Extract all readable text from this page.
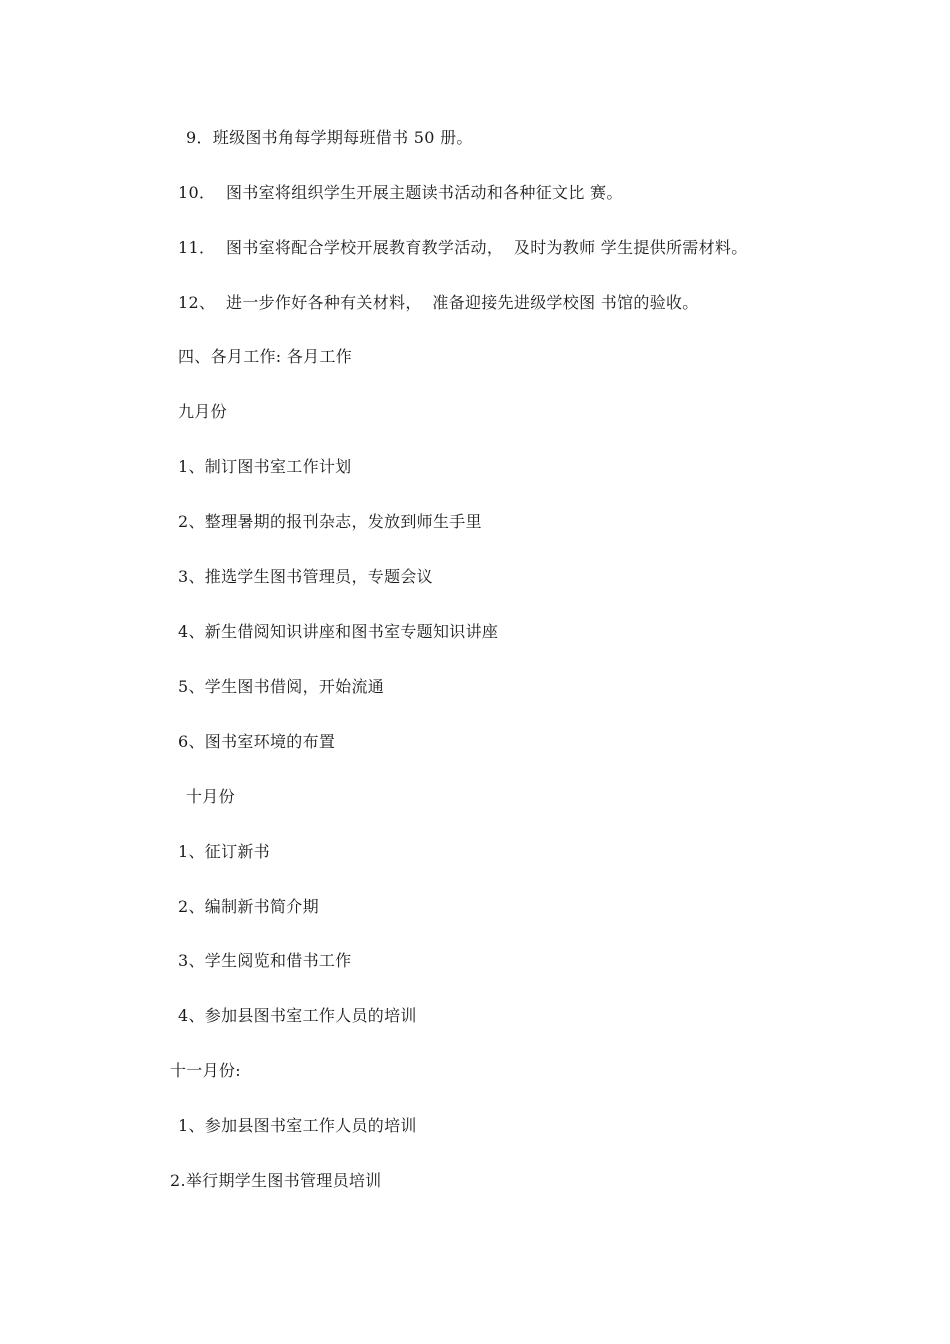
9．班级图书角每学期每班借书 50 册。
10．  图书室将组织学生开展主题读书活动和各种征文比 赛。
11．  图书室将配合学校开展教育教学活动，  及时为教师 学生提供所需材料。
12、  进一步作好各种有关材料，  准备迎接先进级学校图 书馆的验收。
四、各月工作: 各月工作
九月份
1、制订图书室工作计划
2、整理暑期的报刊杂志，发放到师生手里
3、推选学生图书管理员，专题会议
4、新生借阅知识讲座和图书室专题知识讲座
5、学生图书借阅，开始流通
6、图书室环境的布置
十月份
1、征订新书
2、编制新书简介期
3、学生阅览和借书工作
4、参加县图书室工作人员的培训
十一月份:
1、参加县图书室工作人员的培训
2.举行期学生图书管理员培训
